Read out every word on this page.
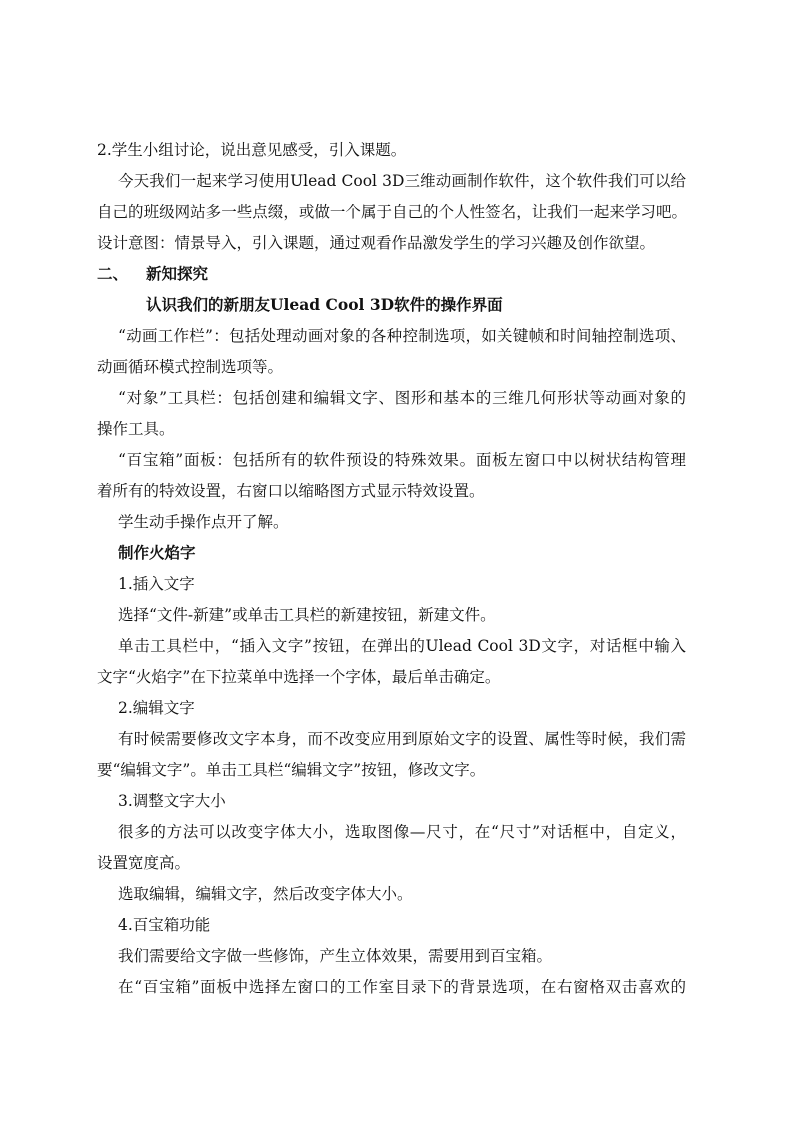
2.学生小组讨论，说出意见感受，引入课题。
今天我们一起来学习使用Ulead Cool 3D三维动画制作软件，这个软件我们可以给
自己的班级网站多一些点缀，或做一个属于自己的个人性签名，让我们一起来学习吧。
设计意图：情景导入，引入课题，通过观看作品激发学生的学习兴趣及创作欲望。
二、 新知探究
认识我们的新朋友Ulead Cool 3D软件的操作界面
“动画工作栏”：包括处理动画对象的各种控制选项，如关键帧和时间轴控制选项、
动画循环模式控制选项等。
“对象”工具栏：包括创建和编辑文字、图形和基本的三维几何形状等动画对象的
操作工具。
“百宝箱”面板：包括所有的软件预设的特殊效果。面板左窗口中以树状结构管理
着所有的特效设置，右窗口以缩略图方式显示特效设置。
学生动手操作点开了解。
制作火焰字
1.插入文字
选择“文件-新建”或单击工具栏的新建按钮，新建文件。
单击工具栏中，“插入文字”按钮，在弹出的Ulead Cool 3D文字，对话框中输入
文字“火焰字”在下拉菜单中选择一个字体，最后单击确定。
2.编辑文字
有时候需要修改文字本身，而不改变应用到原始文字的设置、属性等时候，我们需
要“编辑文字”。单击工具栏“编辑文字”按钮，修改文字。
3.调整文字大小
很多的方法可以改变字体大小，选取图像—尺寸，在“尺寸”对话框中，自定义，
设置宽度高。
选取编辑，编辑文字，然后改变字体大小。
4.百宝箱功能
我们需要给文字做一些修饰，产生立体效果，需要用到百宝箱。
在“百宝箱”面板中选择左窗口的工作室目录下的背景选项，在右窗格双击喜欢的
